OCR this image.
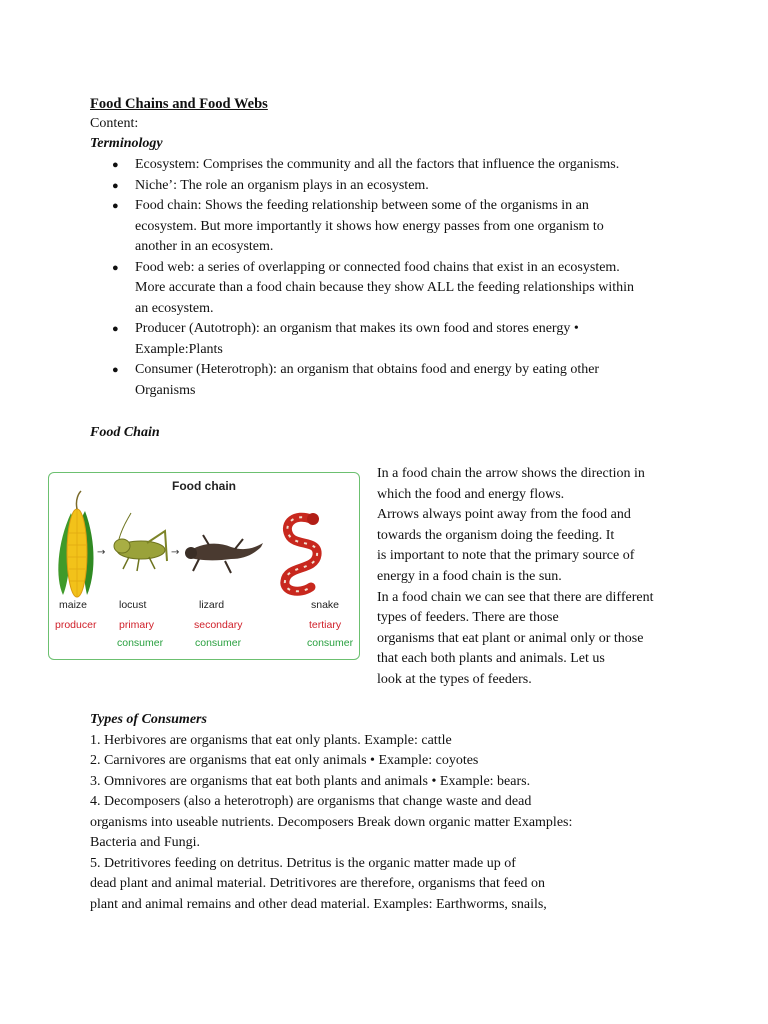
Food Chains and Food Webs
Content:
Terminology
● Ecosystem: Comprises the community and all the factors that influence the organisms.
● Niche’: The role an organism plays in an ecosystem.
● Food chain: Shows the feeding relationship between some of the organisms in an
ecosystem. But more importantly it shows how energy passes from one organism to
another in an ecosystem.
● Food web: a series of overlapping or connected food chains that exist in an ecosystem.
More accurate than a food chain because they show ALL the feeding relationships within
an ecosystem.
● Producer (Autotroph): an organism that makes its own food and stores energy •
Example:Plants
● Consumer (Heterotroph): an organism that obtains food and energy by eating other
Organisms
Food Chain
→	→
Food chain
maize
producer
locust
primary
consumer
lizard
secondary
consumer
snake
tertiary
consumer
In a food chain the arrow shows the direction in
which the food and energy flows.
Arrows always point away from the food and
towards the organism doing the feeding. It
is important to note that the primary source of
energy in a food chain is the sun.
In a food chain we can see that there are different
types of feeders. There are those
organisms that eat plant or animal only or those
that each both plants and animals. Let us
look at the types of feeders.
Types of Consumers
1. Herbivores are organisms that eat only plants. Example: cattle
2. Carnivores are organisms that eat only animals • Example: coyotes
3. Omnivores are organisms that eat both plants and animals • Example: bears.
4. Decomposers (also a heterotroph) are organisms that change waste and dead
organisms into useable nutrients. Decomposers Break down organic matter Examples:
Bacteria and Fungi.
5. Detritivores feeding on detritus. Detritus is the organic matter made up of
dead plant and animal material. Detritivores are therefore, organisms that feed on
plant and animal remains and other dead material. Examples: Earthworms, snails,
